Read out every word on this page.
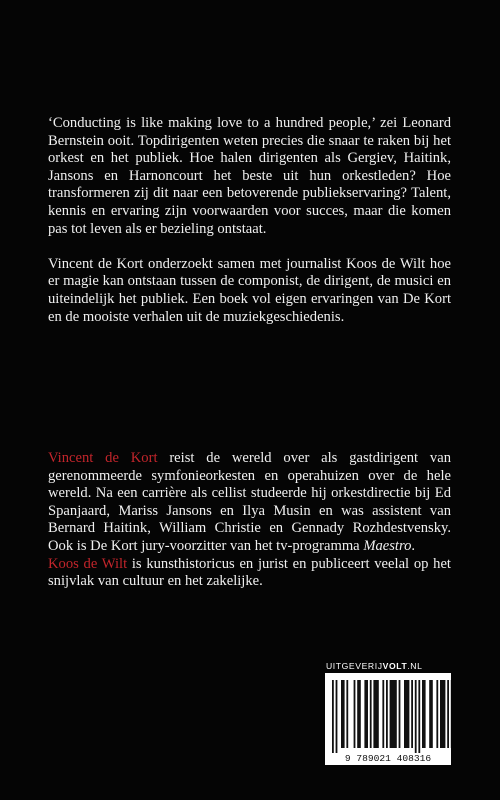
‘Conducting is like making love to a hundred people,’ zei Leonard Bernstein ooit. Topdirigenten weten precies die snaar te raken bij het orkest en het publiek. Hoe halen dirigenten als Gergiev, Haitink, Jansons en Harnoncourt het beste uit hun orkestleden? Hoe transformeren zij dit naar een betoverende publiekservaring? Talent, kennis en ervaring zijn voorwaarden voor succes, maar die komen pas tot leven als er bezieling ontstaat.

Vincent de Kort onderzoekt samen met journalist Koos de Wilt hoe er magie kan ontstaan tussen de componist, de dirigent, de musici en uiteindelijk het publiek. Een boek vol eigen ervaringen van De Kort en de mooiste verhalen uit de muziekgeschiedenis.

Vincent de Kort reist de wereld over als gastdirigent van gerenommeerde symfonieorkesten en operahuizen over de hele wereld. Na een carrière als cellist studeerde hij orkestdirectie bij Ed Spanjaard, Mariss Jansons en Ilya Musin en was assistent van Bernard Haitink, William Christie en Gennady Rozhdestvensky. Ook is De Kort jury-voorzitter van het tv-programma Maestro.

Koos de Wilt is kunsthistoricus en jurist en publiceert veelal op het snijvlak van cultuur en het zakelijke.

UITGEVERIJVOLT.NL
9 789021 408316
